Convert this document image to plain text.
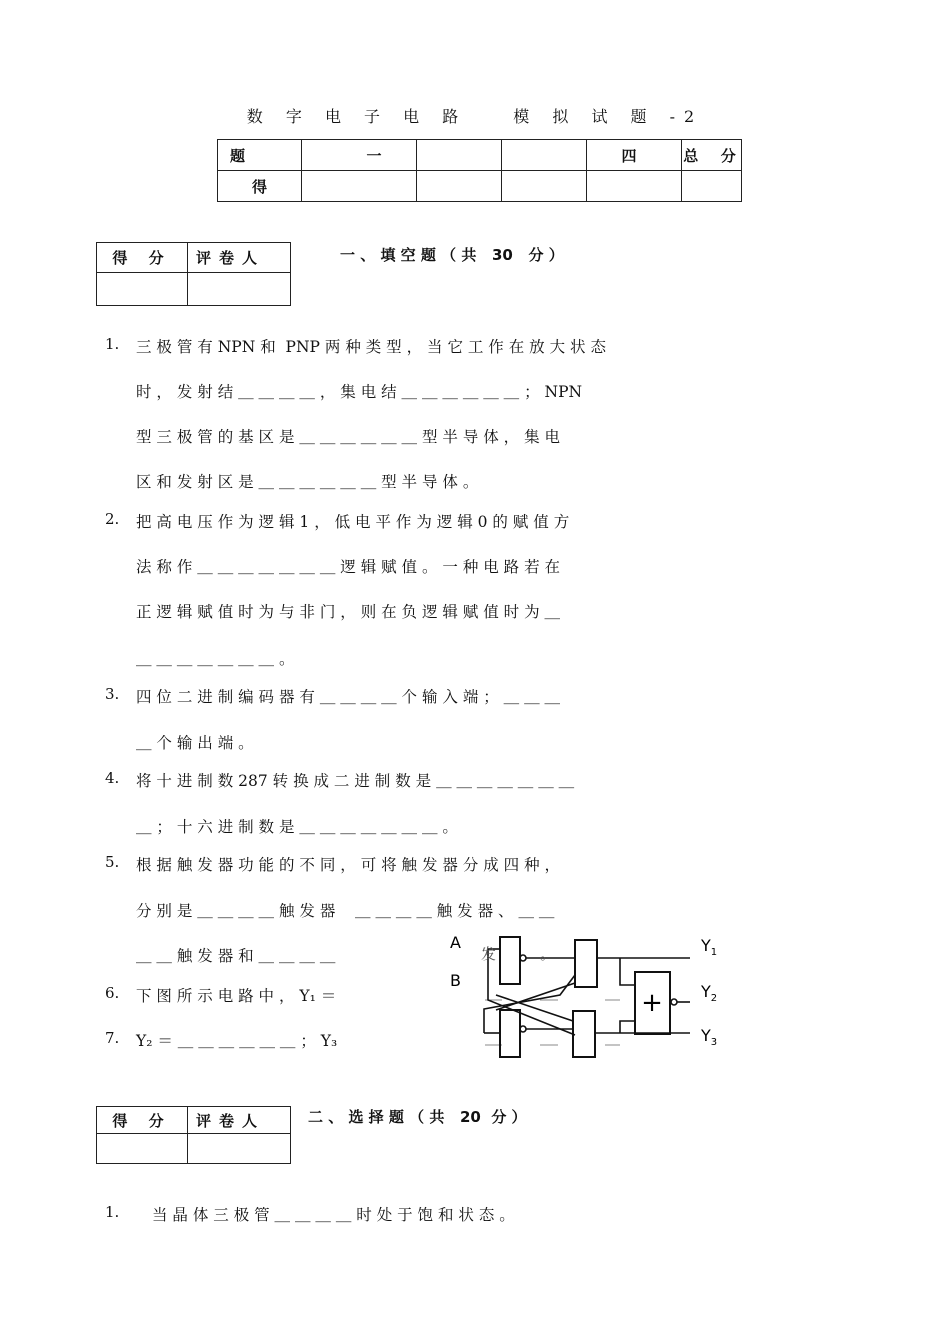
数 字 电 子 电 路	模 拟 试 题 -2
题	一			四	总  分
得					
得 分	评卷人
		一 、 填 空 题 （ 共   30   分 ）
1. 三 极 管 有 NPN 和  PNP 两 种 类 型 ， 当 它 工 作 在 放 大 状 态
时 ， 发 射 结 ＿ ＿ ＿ ＿ ， 集 电 结 ＿ ＿ ＿ ＿ ＿ ＿ ； NPN
型 三 极 管 的 基 区 是 ＿ ＿ ＿ ＿ ＿ ＿ 型 半 导 体 ， 集 电
区 和 发 射 区 是 ＿ ＿ ＿ ＿ ＿ ＿ 型 半 导 体 。
2. 把 高 电 压 作 为 逻 辑 1 ， 低 电 平 作 为 逻 辑 0 的 赋 值 方
法 称 作 ＿ ＿ ＿ ＿ ＿ ＿ ＿ 逻 辑 赋 值 。 一 种 电 路 若 在
正 逻 辑 赋 值 时 为 与 非 门 ， 则 在 负 逻 辑 赋 值 时 为 ＿
＿ ＿ ＿ ＿ ＿ ＿ ＿ 。
3. 四 位 二 进 制 编 码 器 有 ＿ ＿ ＿ ＿ 个 输 入 端 ； ＿ ＿ ＿
＿ 个 输 出 端 。
4. 将 十 进 制 数 287 转 换 成 二 进 制 数 是 ＿ ＿ ＿ ＿ ＿ ＿ ＿
＿ ； 十 六 进 制 数 是 ＿ ＿ ＿ ＿ ＿ ＿ ＿ 。
5. 根 据 触 发 器 功 能 的 不 同 ， 可 将 触 发 器 分 成 四 种 ，
分 别 是 ＿ ＿ ＿ ＿ 触 发 器    ＿ ＿ ＿ ＿ 触 发 器 、 ＿ ＿
＿ ＿ 触 发 器 和 ＿ ＿ ＿ ＿
6. 下 图 所 示 电 路 中 ， Y₁ ＝
7. Y₂ ＝ ＿ ＿ ＿ ＿ ＿ ＿ ； Y₃
+
A
B
$Y_1$
$Y_2$
$Y_3$
发	。
得 分	评卷人
		二 、 选 择 题 （ 共   20  分 ）
1. 当 晶 体 三 极 管 ＿ ＿ ＿ ＿ 时 处 于 饱 和 状 态 。
